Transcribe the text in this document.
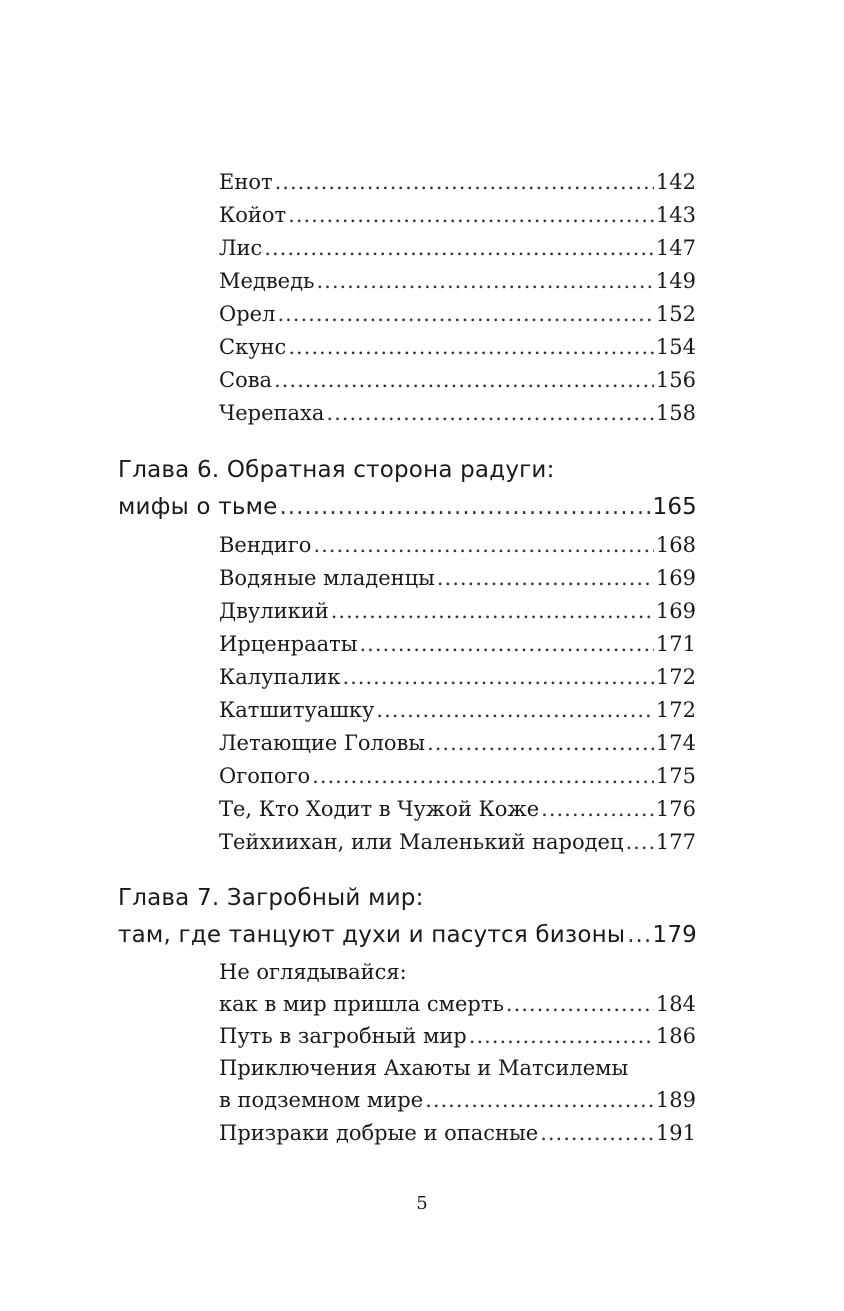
Енот .....	142
Койот .....	143
Лис .....	147
Медведь .....	149
Орел .....	152
Скунс .....	154
Сова .....	156
Черепаха .....	158
Глава 6. Обратная сторона радуги:
мифы о тьме .....	165
Вендиго .....	168
Водяные младенцы .....	169
Двуликий .....	169
Ирценрааты .....	171
Калупалик .....	172
Катшитуашку .....	172
Летающие Головы .....	174
Огопого .....	175
Те, Кто Ходит в Чужой Коже .....	176
Тейхиихан, или Маленький народец ..... 177
Глава 7. Загробный мир:
там, где танцуют духи и пасутся бизоны ..... 179
Не оглядывайся:
как в мир пришла смерть .....	184
Путь в загробный мир .....	186
Приключения Ахаюты и Матсилемы
в подземном мире .....	189
Призраки добрые и опасные .....	191
5
